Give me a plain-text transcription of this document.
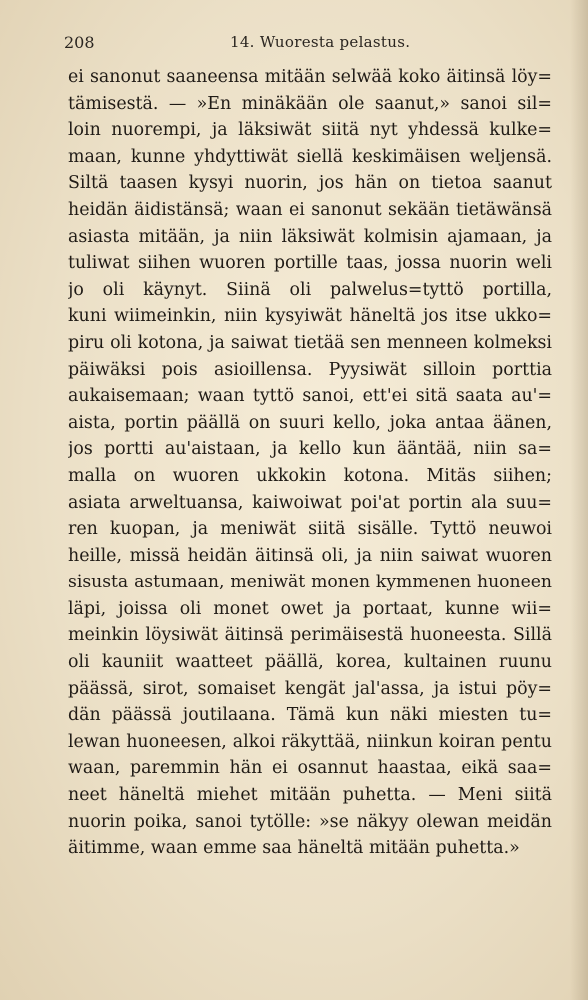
208	14. Wuoresta pelastus.

ei sanonut saaneensa mitään selwää koko äitinsä löy=
tämisestä. — »En minäkään ole saanut,» sanoi sil=
loin nuorempi, ja läksiwät siitä nyt yhdessä kulke=
maan, kunne yhdyttiwät siellä keskimäisen weljensä.
Siltä taasen kysyi nuorin, jos hän on tietoa saanut
heidän äidistänsä; waan ei sanonut sekään tietäwänsä
asiasta mitään, ja niin läksiwät kolmisin ajamaan, ja
tuliwat siihen wuoren portille taas, jossa nuorin weli
jo oli käynyt. Siinä oli palwelus=tyttö portilla,
kuni wiimeinkin, niin kysyiwät häneltä jos itse ukko=
piru oli kotona, ja saiwat tietää sen menneen kolmeksi
päiwäksi pois asioillensa. Pyysiwät silloin porttia
aukaisemaan; waan tyttö sanoi, ett'ei sitä saata au'=
aista, portin päällä on suuri kello, joka antaa äänen,
jos portti au'aistaan, ja kello kun ääntää, niin sa=
malla on wuoren ukkokin kotona. Mitäs siihen;
asiata arweltuansa, kaiwoiwat poi'at portin ala suu=
ren kuopan, ja meniwät siitä sisälle. Tyttö neuwoi
heille, missä heidän äitinsä oli, ja niin saiwat wuoren
sisusta astumaan, meniwät monen kymmenen huoneen
läpi, joissa oli monet owet ja portaat, kunne wii=
meinkin löysiwät äitinsä perimäisestä huoneesta. Sillä
oli kauniit waatteet päällä, korea, kultainen ruunu
päässä, sirot, somaiset kengät jal'assa, ja istui pöy=
dän päässä joutilaana. Tämä kun näki miesten tu=
lewan huoneesen, alkoi räkyttää, niinkun koiran pentu
waan, paremmin hän ei osannut haastaa, eikä saa=
neet häneltä miehet mitään puhetta. — Meni siitä
nuorin poika, sanoi tytölle: »se näkyy olewan meidän
äitimme, waan emme saa häneltä mitään puhetta.»
